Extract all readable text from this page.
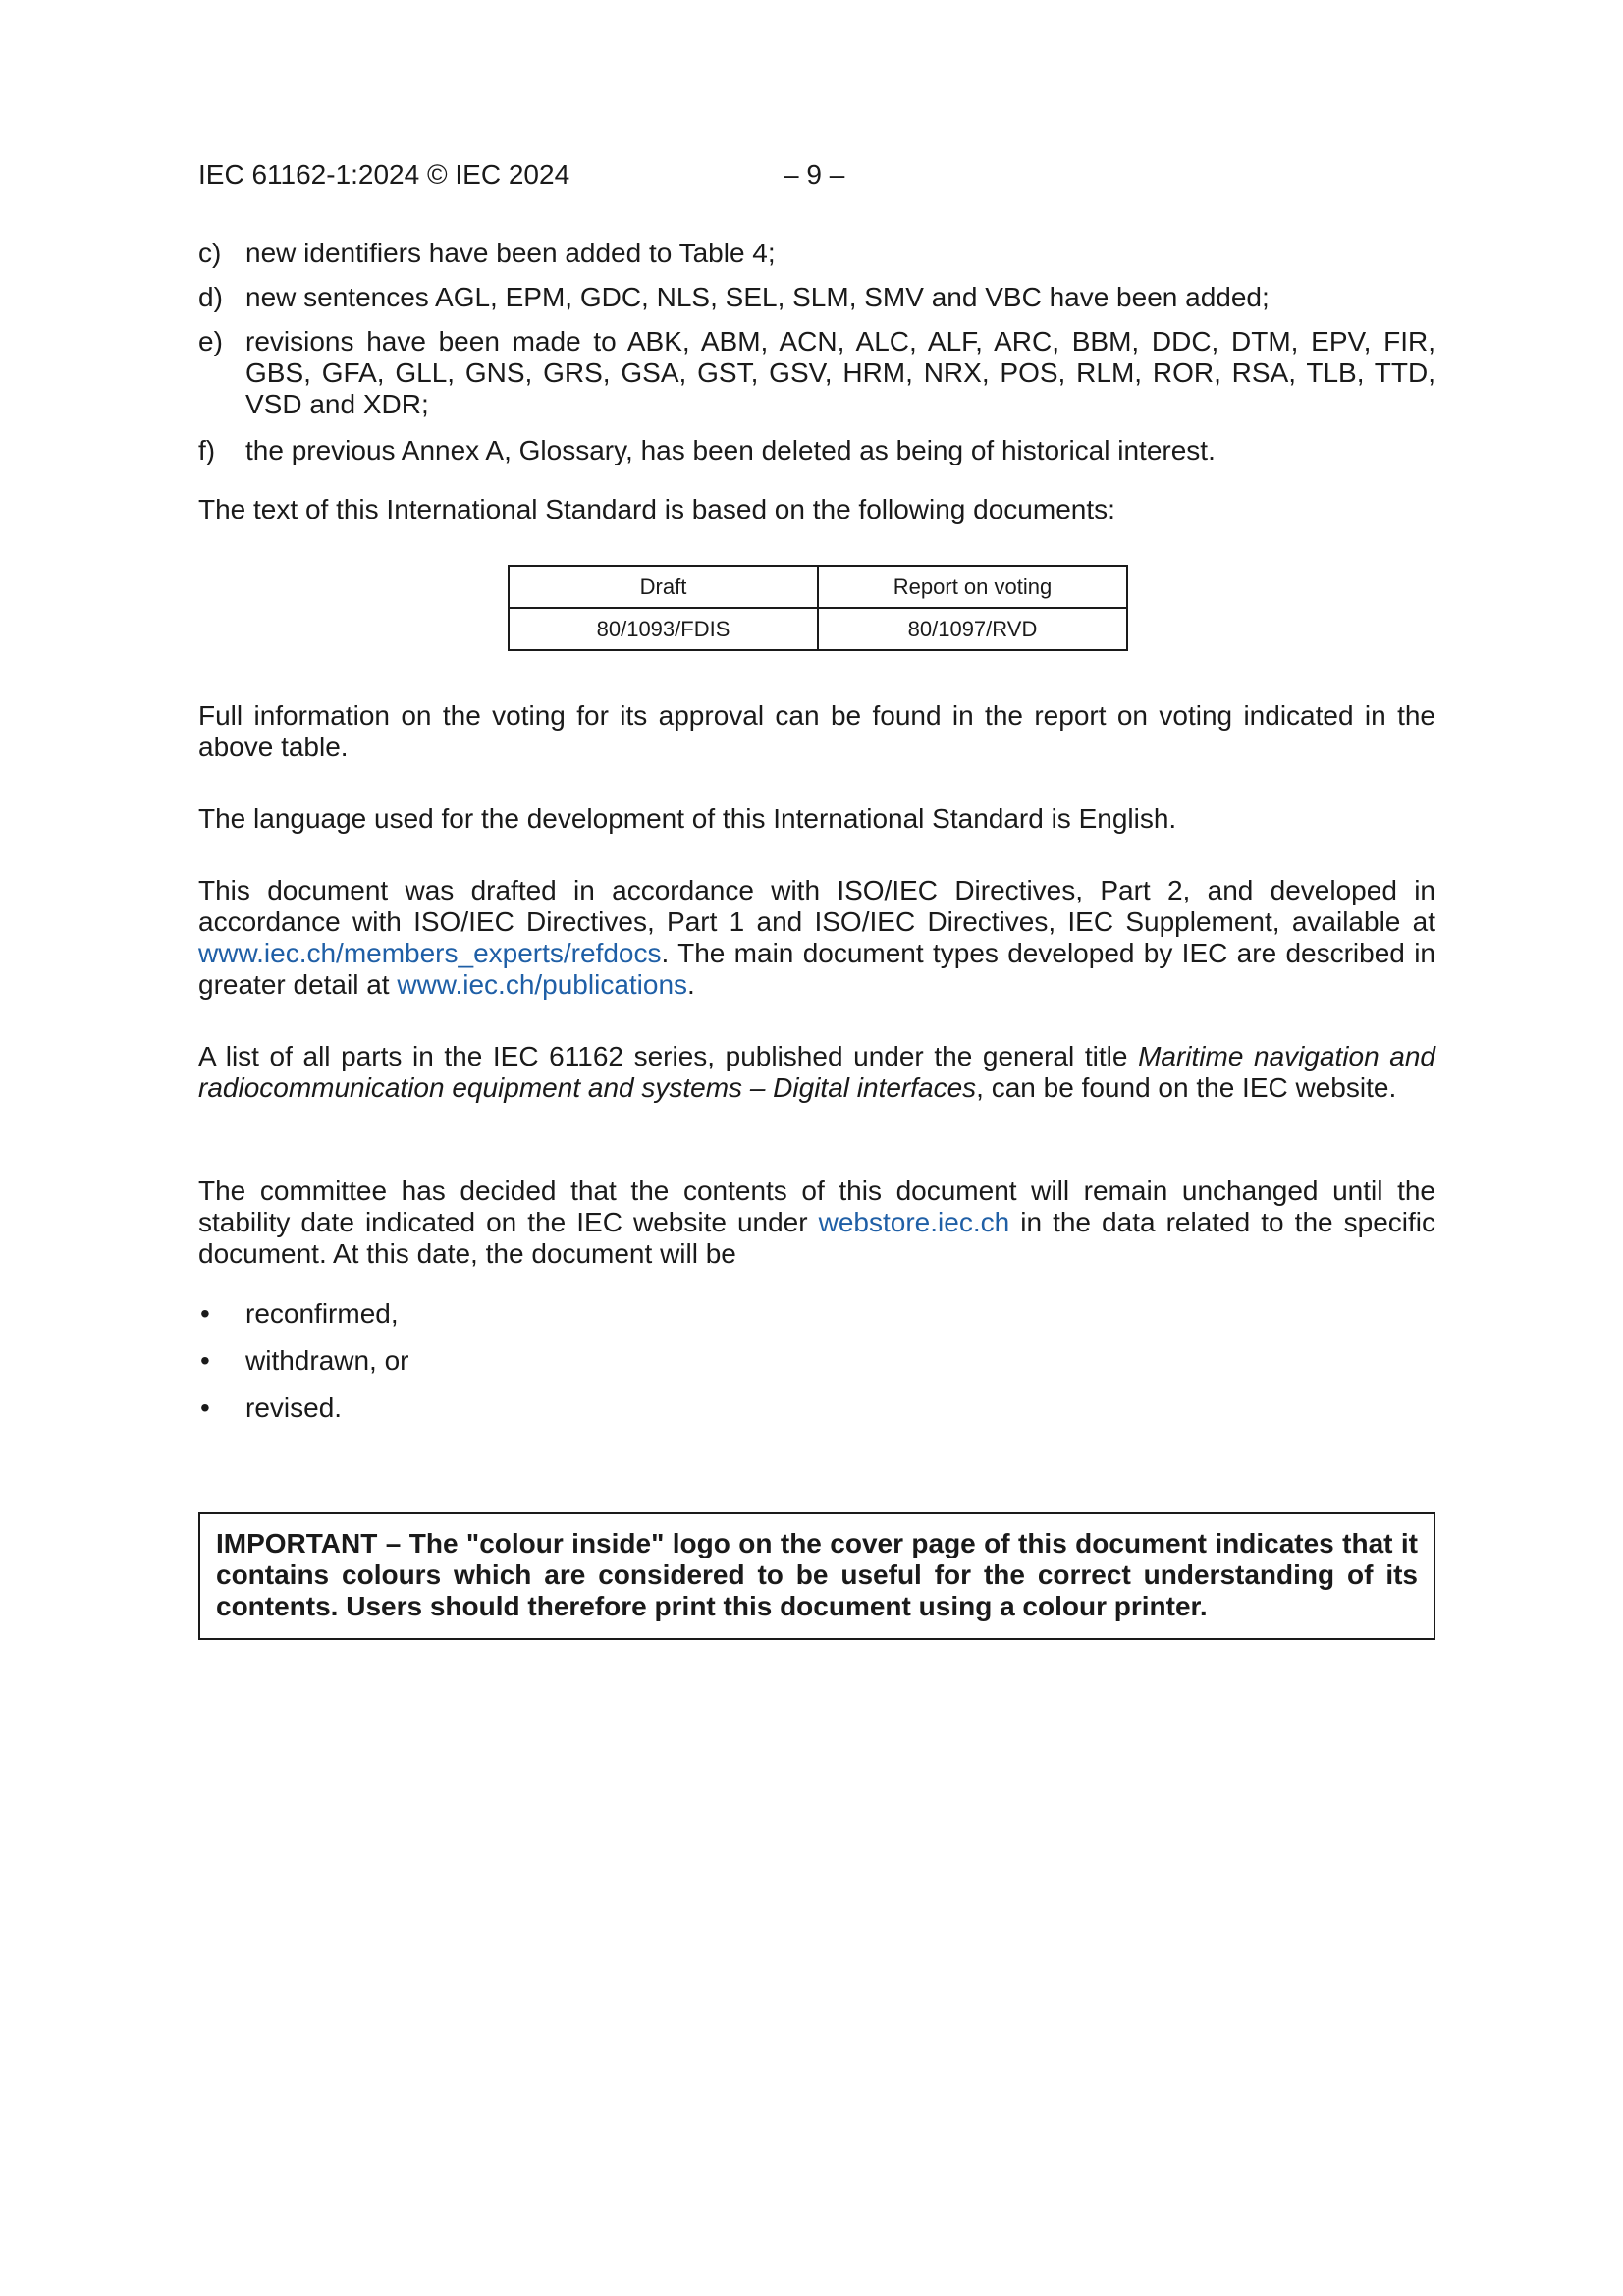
IEC 61162-1:2024 © IEC 2024	– 9 –
c) new identifiers have been added to Table 4;
d) new sentences AGL, EPM, GDC, NLS, SEL, SLM, SMV and VBC have been added;
e) revisions have been made to ABK, ABM, ACN, ALC, ALF, ARC, BBM, DDC, DTM, EPV, FIR, GBS, GFA, GLL, GNS, GRS, GSA, GST, GSV, HRM, NRX, POS, RLM, ROR, RSA, TLB, TTD, VSD and XDR;
f) the previous Annex A, Glossary, has been deleted as being of historical interest.
The text of this International Standard is based on the following documents:
Draft	Report on voting
80/1093/FDIS	80/1097/RVD
Full information on the voting for its approval can be found in the report on voting indicated in the above table.
The language used for the development of this International Standard is English.
This document was drafted in accordance with ISO/IEC Directives, Part 2, and developed in accordance with ISO/IEC Directives, Part 1 and ISO/IEC Directives, IEC Supplement, available at www.iec.ch/members_experts/refdocs. The main document types developed by IEC are described in greater detail at www.iec.ch/publications.
A list of all parts in the IEC 61162 series, published under the general title Maritime navigation and radiocommunication equipment and systems – Digital interfaces, can be found on the IEC website.
The committee has decided that the contents of this document will remain unchanged until the stability date indicated on the IEC website under webstore.iec.ch in the data related to the specific document. At this date, the document will be
• reconfirmed,
• withdrawn, or
• revised.
IMPORTANT – The "colour inside" logo on the cover page of this document indicates that it contains colours which are considered to be useful for the correct understanding of its contents. Users should therefore print this document using a colour printer.
